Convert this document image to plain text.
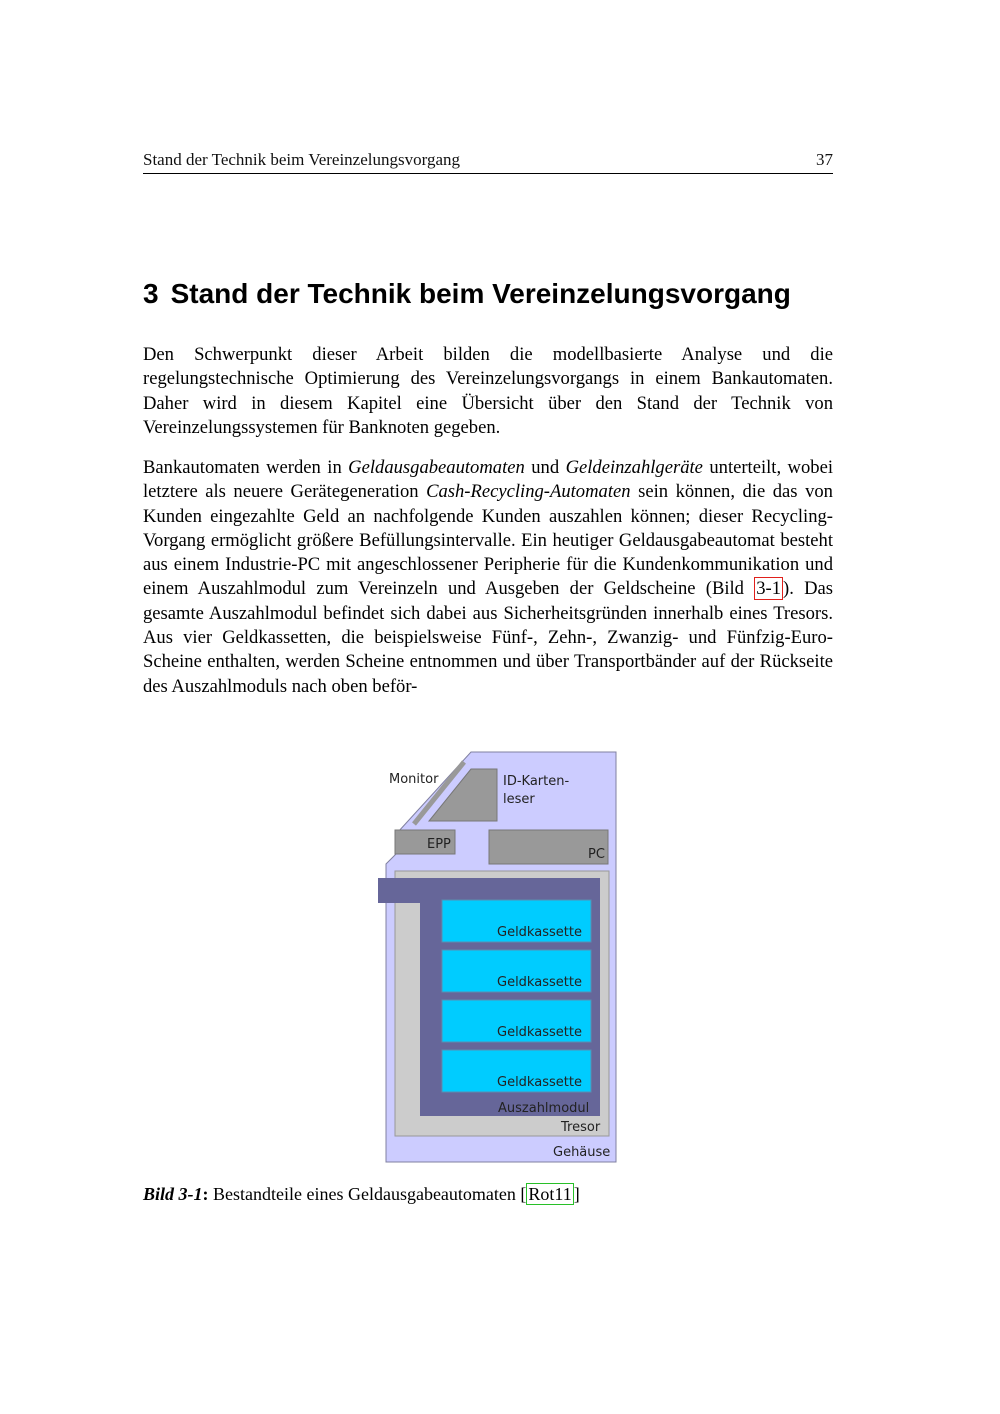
Stand der Technik beim Vereinzelungsvorgang	37
3 Stand der Technik beim Vereinzelungsvorgang

Den Schwerpunkt dieser Arbeit bilden die modellbasierte Analyse und die regelungstechnische Optimierung des Vereinzelungsvorgangs in einem Bankautomaten. Daher wird in diesem Kapitel eine Übersicht über den Stand der Technik von Vereinzelungssystemen für Banknoten gegeben.

Bankautomaten werden in Geldausgabeautomaten und Geldeinzahlgeräte unterteilt, wobei letztere als neuere Gerätegeneration Cash-Recycling-Automaten sein können, die das von Kunden eingezahlte Geld an nachfolgende Kunden auszahlen können; dieser Recycling-Vorgang ermöglicht größere Befüllungsintervalle. Ein heutiger Geldausgabeautomat besteht aus einem Industrie-PC mit angeschlossener Peripherie für die Kundenkommunikation und einem Auszahlmodul zum Vereinzeln und Ausgeben der Geldscheine (Bild 3-1 ). Das gesamte Auszahlmodul befindet sich dabei aus Sicherheitsgründen innerhalb eines Tresors. Aus vier Geldkassetten, die beispielsweise Fünf-, Zehn-, Zwanzig- und Fünfzig-Euro-Scheine enthalten, werden Scheine entnommen und über Transportbänder auf der Rückseite des Auszahlmoduls nach oben beför-

Monitor	ID-Karten-
leser
EPP
PC
Geldkassette
Geldkassette
Geldkassette
Geldkassette
Auszahlmodul
Tresor
Gehäuse
Bild 3-1: Bestandteile eines Geldausgabeautomaten [ Rot11 ]
